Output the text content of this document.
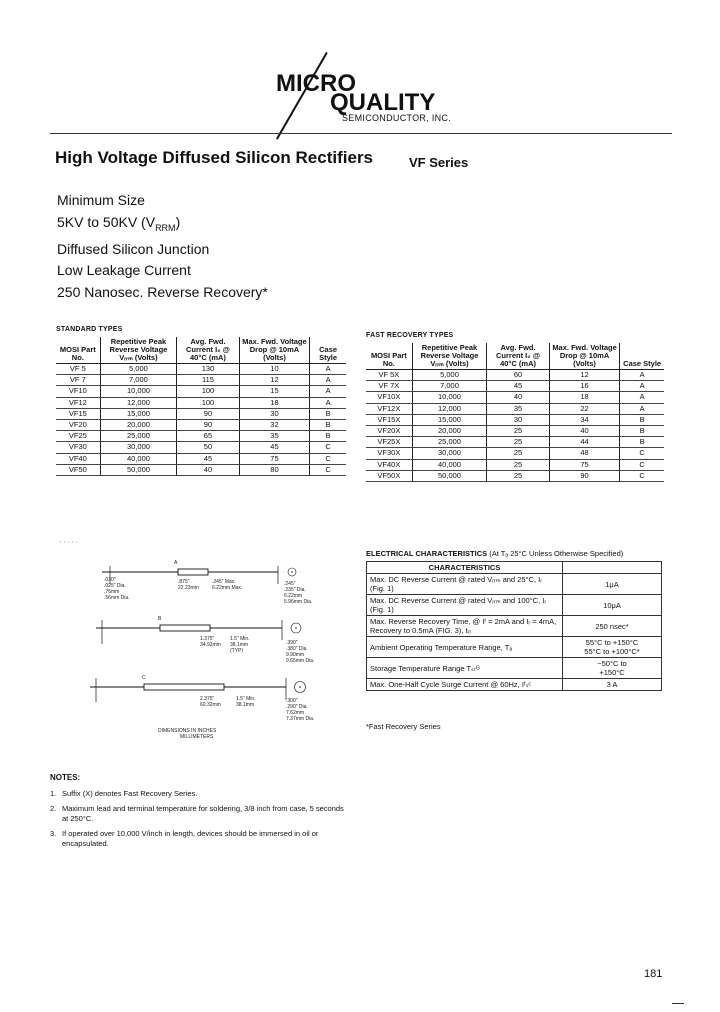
MICRO
QUALITY
SEMICONDUCTOR, INC.
High Voltage Diffused Silicon Rectifiers	VF Series
Minimum Size
5KV to 50KV $(V_{RRM})$
Diffused Silicon Junction
Low Leakage Current
250 Nanosec. Reverse Recovery*
STANDARD TYPES
MOSI Part No.	Repetitive Peak Reverse Voltage Vᵣᵣₘ (Volts)	Avg. Fwd. Current I₀ @ 40°C (mA)	Max. Fwd. Voltage Drop @ 10mA (Volts)	Case Style
VF 5	5,000	130	10	A
VF 7	7,000	115	12	A
VF10	10,000	100	15	A
VF12	12,000	100	18	A
VF15	15,000	90	30	B
VF20	20,000	90	32	B
VF25	25,000	65	35	B
VF30	30,000	50	45	C
VF40	40,000	45	75	C
VF50	50,000	40	80	C
FAST RECOVERY TYPES
MOSI Part No.	Repetitive Peak Reverse Voltage Vᵣᵣₘ (Volts)	Avg. Fwd. Current I₀ @ 40°C (mA)	Max. Fwd. Voltage Drop @ 10mA (Volts)	Case Style
VF 5X	5,000	60	12	A
VF 7X	7,000	45	16	A
VF10X	10,000	40	18	A
VF12X	12,000	35	22	A
VF15X	15,000	30	34	B
VF20X	20,000	25	40	B
VF25X	25,000	25	44	B
VF30X	30,000	25	48	C
VF40X	40,000	25	75	C
VF50X	50,000	25	90	C
A
.030"
.025" Dia.
.76mm
.56mm Dia.
.875"
22.23mm
.245" Max.
6.22mm Max.
.245"
.235" Dia.
6.22mm
5.96mm Dia.
B
1.375"
34.92mm
1.5" Min.
38.1mm
(TYP)
.390"
.380" Dia.
9.90mm
9.65mm Dia.
C
2.375"
60.32mm
1.5" Min.
38.1mm
.300"
.290" Dia.
7.62mm
7.37mm Dia.
DIMENSIONS IN INCHES
MILLIMETERS
ELECTRICAL CHARACTERISTICS (At Tₐ 25°C Unless Otherwise Specified)
CHARACTERISTICS	
Max. DC Reverse Current @ rated Vᵣᵣₘ and 25°C, Iᵣ (Fig. 1)	1μA
Max. DC Reverse Current @ rated Vᵣᵣₘ and 100°C, Iᵣ (Fig. 1)	10μA
Max. Reverse Recovery Time, @ Iᶠ = 2mA and Iᵣ = 4mA, Recovery to 0.5mA (FIG. 3), tᵣᵣ	250 nsec*
Ambient Operating Temperature Range, Tₐ	55°C to +150°C
55°C to +100°C*

Storage Temperature Range Tₛₜᴳ	−50°C to
+150°C

Max. One-Half Cycle Surge Current @ 60Hz, Iᶠₛᶜ	3 A
*Fast Recovery Series
NOTES:
1. Suffix (X) denotes Fast Recovery Series.
2. Maximum lead and terminal temperature for soldering, 3/8 inch from case, 5 seconds at 250°C.
3. If operated over 10,000 V/inch in length, devices should be immersed in oil or encapsulated.
181
